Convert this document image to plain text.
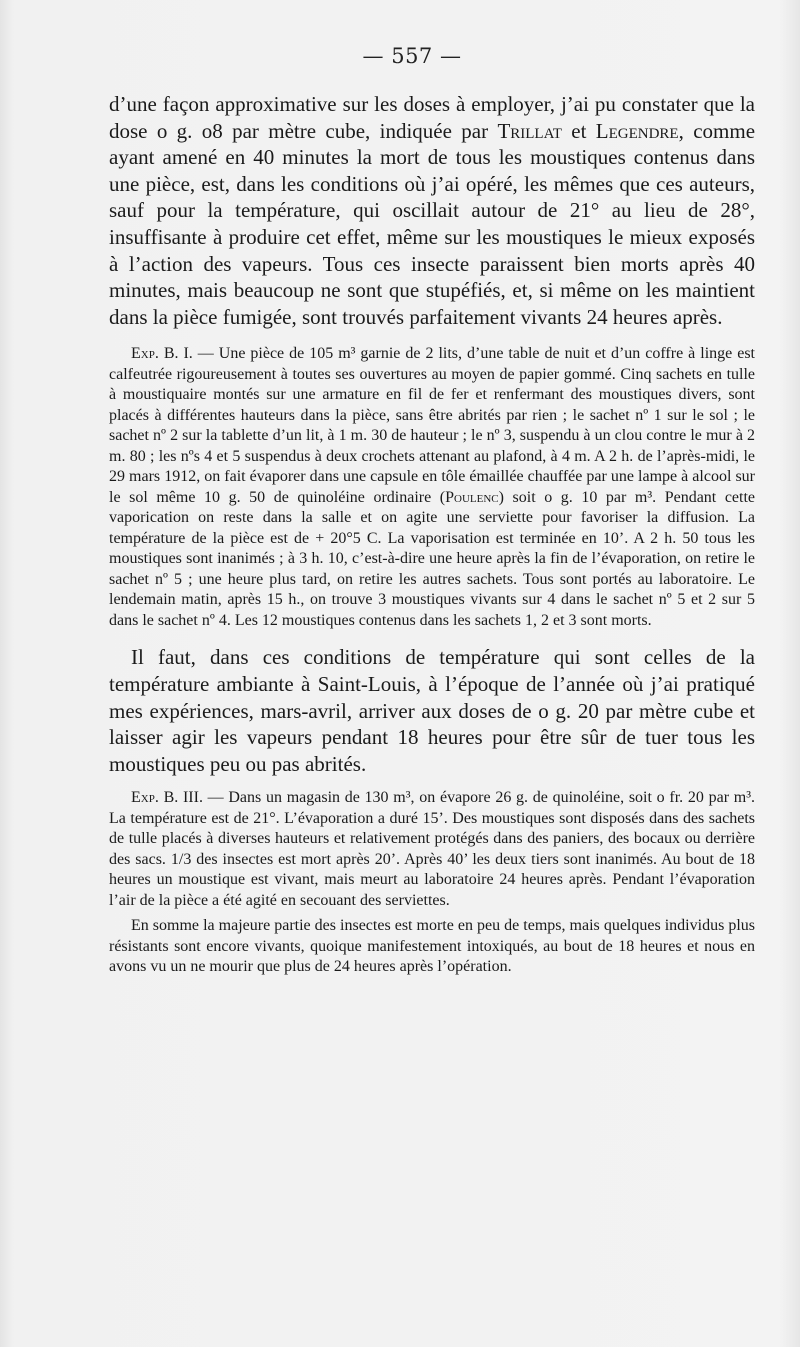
— 557 —

d’une façon approximative sur les doses à employer, j’ai pu constater que la dose o g. o8 par mètre cube, indiquée par Trillat et Legendre, comme ayant amené en 40 minutes la mort de tous les moustiques contenus dans une pièce, est, dans les conditions où j’ai opéré, les mêmes que ces auteurs, sauf pour la température, qui oscillait autour de 21° au lieu de 28°, insuffisante à produire cet effet, même sur les moustiques le mieux exposés à l’action des vapeurs. Tous ces insecte paraissent bien morts après 40 minutes, mais beaucoup ne sont que stupéfiés, et, si même on les maintient dans la pièce fumigée, sont trouvés parfaitement vivants 24 heures après.

Exp. B. I. — Une pièce de 105 m³ garnie de 2 lits, d’une table de nuit et d’un coffre à linge est calfeutrée rigoureusement à toutes ses ouvertures au moyen de papier gommé. Cinq sachets en tulle à moustiquaire montés sur une armature en fil de fer et renfermant des moustiques divers, sont placés à différentes hauteurs dans la pièce, sans être abrités par rien ; le sachet nº 1 sur le sol ; le sachet nº 2 sur la tablette d’un lit, à 1 m. 30 de hauteur ; le nº 3, suspendu à un clou contre le mur à 2 m. 80 ; les nºs 4 et 5 suspendus à deux crochets attenant au plafond, à 4 m. A 2 h. de l’après-midi, le 29 mars 1912, on fait évaporer dans une capsule en tôle émaillée chauffée par une lampe à alcool sur le sol même 10 g. 50 de quinoléine ordinaire (Poulenc) soit o g. 10 par m³. Pendant cette vaporication on reste dans la salle et on agite une serviette pour favoriser la diffusion. La température de la pièce est de + 20°5 C. La vaporisation est terminée en 10’. A 2 h. 50 tous les moustiques sont inanimés ; à 3 h. 10, c’est-à-dire une heure après la fin de l’évaporation, on retire le sachet nº 5 ; une heure plus tard, on retire les autres sachets. Tous sont portés au laboratoire. Le lendemain matin, après 15 h., on trouve 3 moustiques vivants sur 4 dans le sachet nº 5 et 2 sur 5 dans le sachet nº 4. Les 12 moustiques contenus dans les sachets 1, 2 et 3 sont morts.

Il faut, dans ces conditions de température qui sont celles de la température ambiante à Saint-Louis, à l’époque de l’année où j’ai pratiqué mes expériences, mars-avril, arriver aux doses de o g. 20 par mètre cube et laisser agir les vapeurs pendant 18 heures pour être sûr de tuer tous les moustiques peu ou pas abrités.

Exp. B. III. — Dans un magasin de 130 m³, on évapore 26 g. de quinoléine, soit o fr. 20 par m³. La température est de 21°. L’évaporation a duré 15’. Des moustiques sont disposés dans des sachets de tulle placés à diverses hauteurs et relativement protégés dans des paniers, des bocaux ou derrière des sacs. 1/3 des insectes est mort après 20’. Après 40’ les deux tiers sont inanimés. Au bout de 18 heures un moustique est vivant, mais meurt au laboratoire 24 heures après. Pendant l’évaporation l’air de la pièce a été agité en secouant des serviettes.

En somme la majeure partie des insectes est morte en peu de temps, mais quelques individus plus résistants sont encore vivants, quoique manifestement intoxiqués, au bout de 18 heures et nous en avons vu un ne mourir que plus de 24 heures après l’opération.
